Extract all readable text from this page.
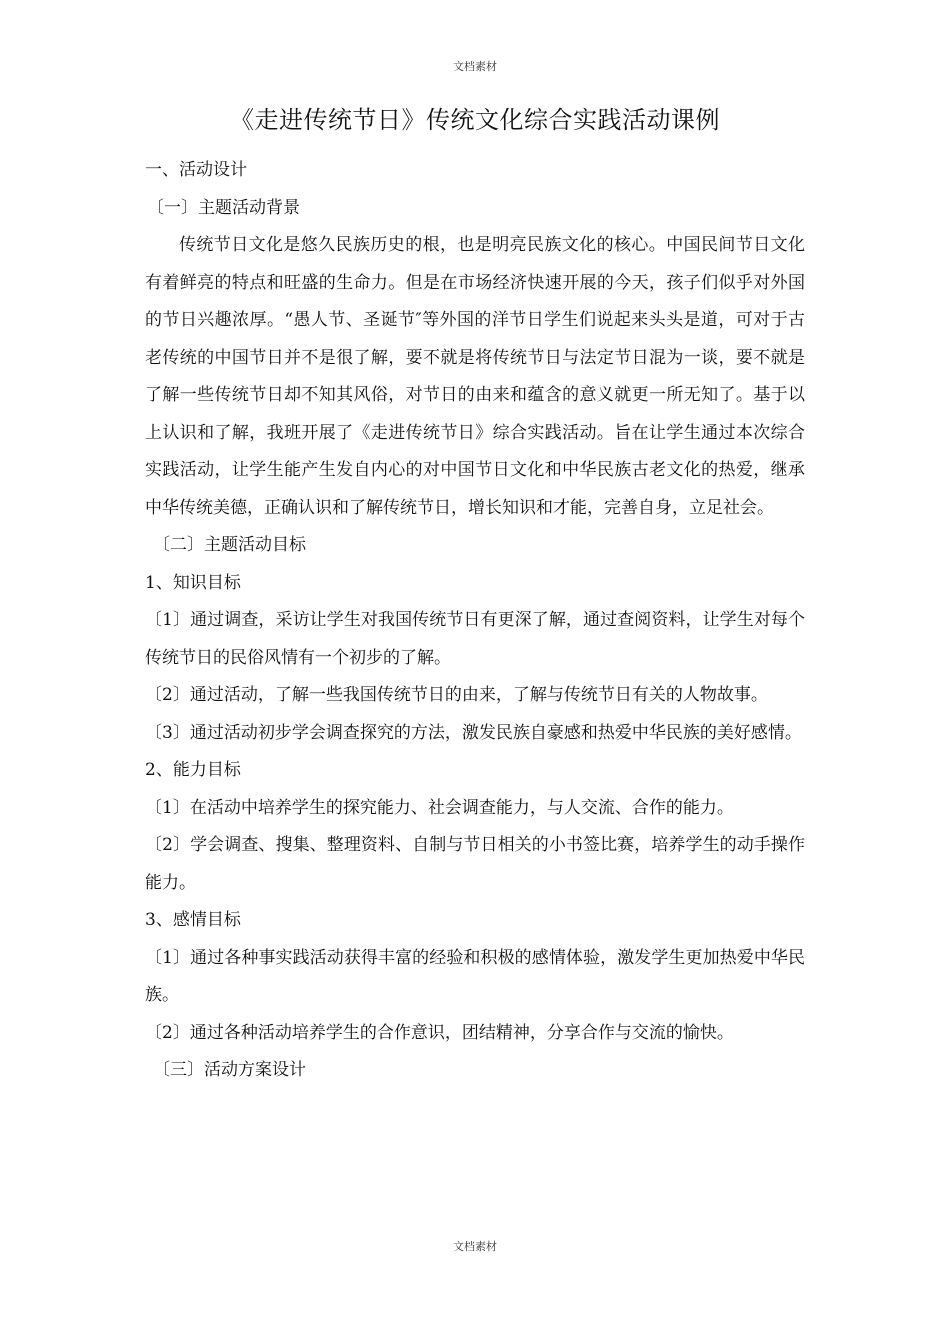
文档素材
《走进传统节日》传统文化综合实践活动课例

一、活动设计

〔一〕主题活动背景

传统节日文化是悠久民族历史的根，也是明亮民族文化的核心。中国民间节日文化有着鲜亮的特点和旺盛的生命力。但是在市场经济快速开展的今天，孩子们似乎对外国的节日兴趣浓厚。“愚人节、圣诞节″等外国的洋节日学生们说起来头头是道，可对于古老传统的中国节日并不是很了解，要不就是将传统节日与法定节日混为一谈，要不就是了解一些传统节日却不知其风俗，对节日的由来和蕴含的意义就更一所无知了。基于以上认识和了解，我班开展了《走进传统节日》综合实践活动。旨在让学生通过本次综合实践活动，让学生能产生发自内心的对中国节日文化和中华民族古老文化的热爱，继承中华传统美德，正确认识和了解传统节日，增长知识和才能，完善自身，立足社会。

〔二〕主题活动目标

1、知识目标

〔1〕通过调查，采访让学生对我国传统节日有更深了解，通过查阅资料，让学生对每个传统节日的民俗风情有一个初步的了解。

〔2〕通过活动，了解一些我国传统节日的由来，了解与传统节日有关的人物故事。

〔3〕通过活动初步学会调查探究的方法，激发民族自豪感和热爱中华民族的美好感情。

2、能力目标

〔1〕在活动中培养学生的探究能力、社会调查能力，与人交流、合作的能力。

〔2〕学会调查、搜集、整理资料、自制与节日相关的小书签比赛，培养学生的动手操作能力。

3、感情目标

〔1〕通过各种事实践活动获得丰富的经验和积极的感情体验，激发学生更加热爱中华民族。

〔2〕通过各种活动培养学生的合作意识，团结精神，分享合作与交流的愉快。

〔三〕活动方案设计

文档素材
